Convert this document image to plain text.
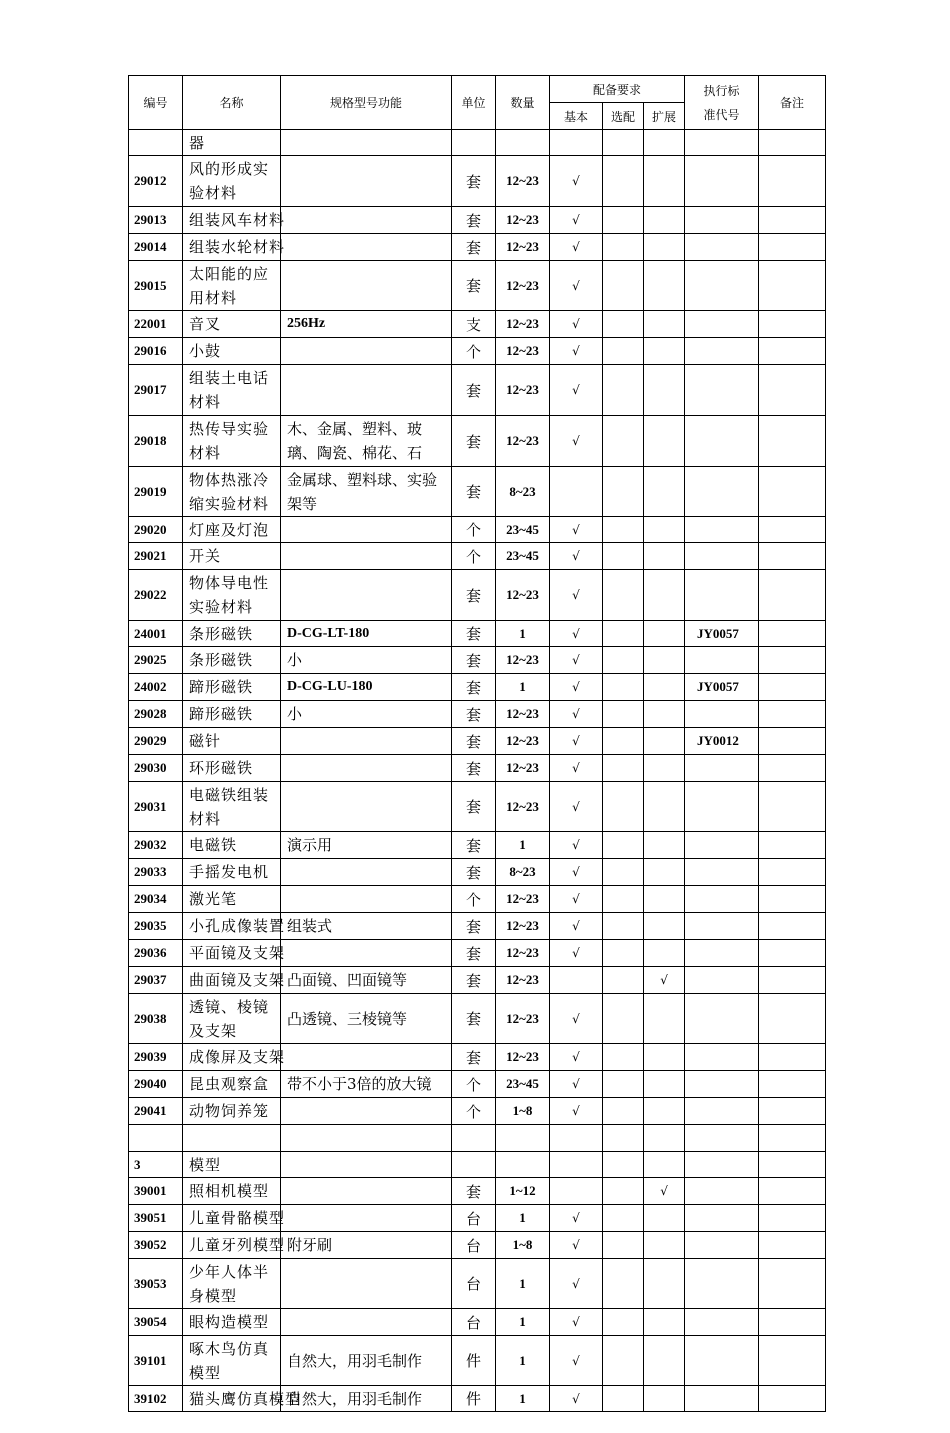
编号	名称	规格型号功能	单位	数量	配备要求			执行标准代号	备注
					基本	选配	扩展		
	器								
29012	风的形成实验材料		套	12~23	√				
29013	组装风车材料		套	12~23	√				
29014	组装水轮材料		套	12~23	√				
29015	太阳能的应用材料		套	12~23	√				
22001	音叉	256Hz	支	12~23	√				
29016	小鼓		个	12~23	√				
29017	组装土电话材料		套	12~23	√				
29018	热传导实验材料	木、金属、塑料、玻璃、陶瓷、棉花、石	套	12~23	√				
29019	物体热涨冷缩实验材料	金属球、塑料球、实验架等	套	8~23					
29020	灯座及灯泡		个	23~45	√				
29021	开关		个	23~45	√				
29022	物体导电性实验材料		套	12~23	√				
24001	条形磁铁	D-CG-LT-180	套	1	√			JY0057	
29025	条形磁铁	小	套	12~23	√				
24002	蹄形磁铁	D-CG-LU-180	套	1	√			JY0057	
29028	蹄形磁铁	小	套	12~23	√				
29029	磁针		套	12~23	√			JY0012	
29030	环形磁铁		套	12~23	√				
29031	电磁铁组装材料		套	12~23	√				
29032	电磁铁	演示用	套	1	√				
29033	手摇发电机		套	8~23	√				
29034	激光笔		个	12~23	√				
29035	小孔成像装置	组装式	套	12~23	√				
29036	平面镜及支架		套	12~23	√				
29037	曲面镜及支架	凸面镜、凹面镜等	套	12~23			√		
29038	透镜、棱镜及支架	凸透镜、三棱镜等	套	12~23	√				
29039	成像屏及支架		套	12~23	√				
29040	昆虫观察盒	带不小于3倍的放大镜	个	23~45	√				
29041	动物饲养笼		个	1~8	√				

3	模型								
39001	照相机模型		套	1~12			√		
39051	儿童骨骼模型		台	1	√				
39052	儿童牙列模型	附牙刷	台	1~8	√				
39053	少年人体半身模型		台	1	√				
39054	眼构造模型		台	1	√				
39101	啄木鸟仿真模型	自然大，用羽毛制作	件	1	√				
39102	猫头鹰仿真模型	自然大，用羽毛制作	件	1	√				
